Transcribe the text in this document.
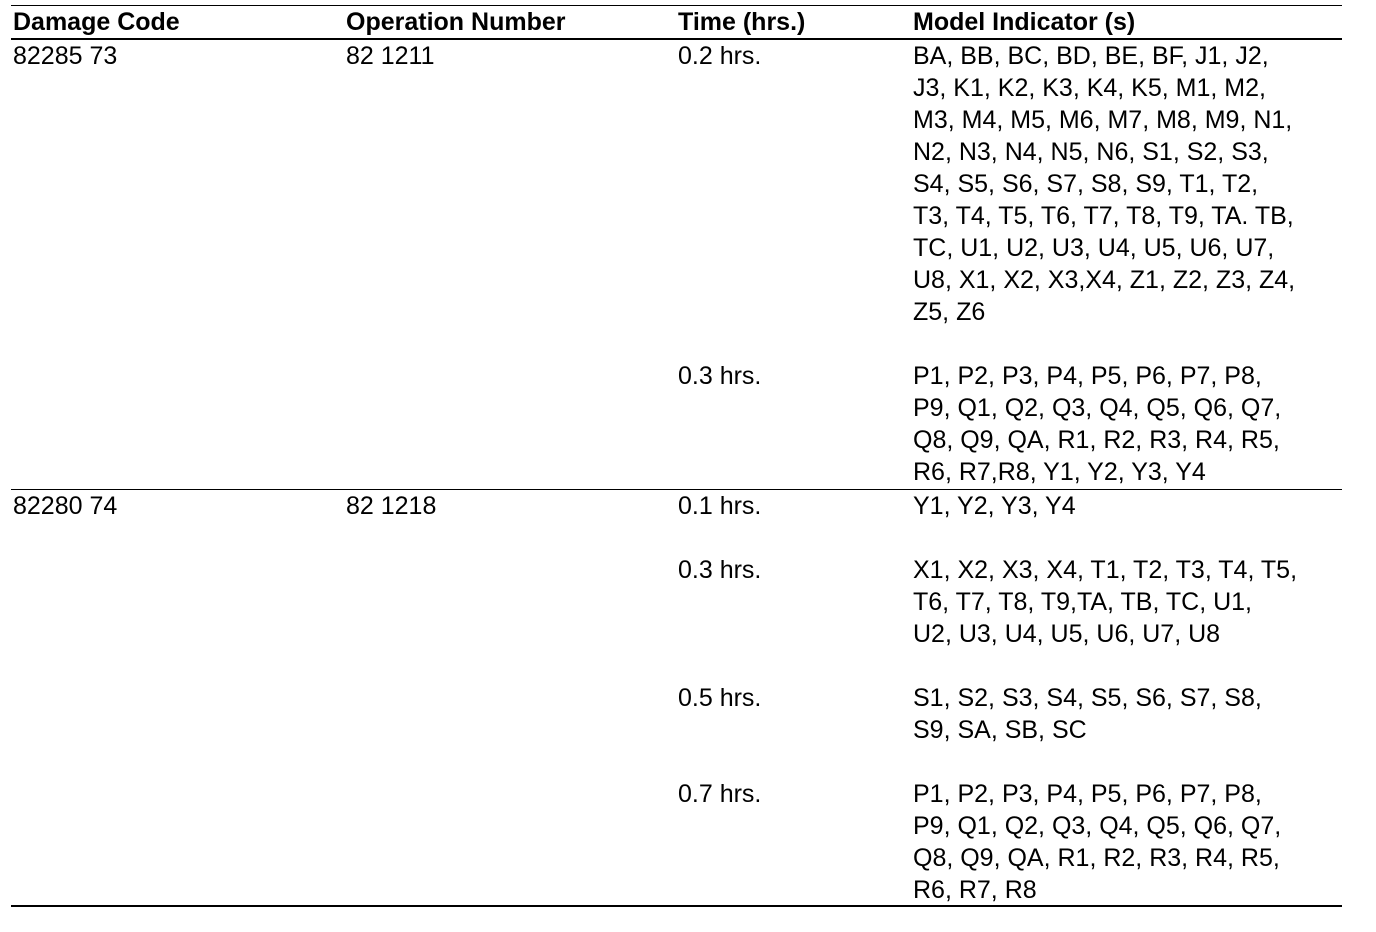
Damage Code	Operation Number	Time (hrs.)	Model Indicator (s)
82285 73	82 1211	0.2 hrs.	BA, BB, BC, BD, BE, BF, J1, J2,
J3, K1, K2, K3, K4, K5, M1, M2,
M3, M4, M5, M6, M7, M8, M9, N1,
N2, N3, N4, N5, N6, S1, S2, S3,
S4, S5, S6, S7, S8, S9, T1, T2,
T3, T4, T5, T6, T7, T8, T9, TA. TB,
TC, U1, U2, U3, U4, U5, U6, U7,
U8, X1, X2, X3,X4, Z1, Z2, Z3, Z4,
Z5, Z6
0.3 hrs.	P1, P2, P3, P4, P5, P6, P7, P8,
P9, Q1, Q2, Q3, Q4, Q5, Q6, Q7,
Q8, Q9, QA, R1, R2, R3, R4, R5,
R6, R7,R8, Y1, Y2, Y3, Y4
82280 74	82 1218	0.1 hrs.	Y1, Y2, Y3, Y4
0.3 hrs.	X1, X2, X3, X4, T1, T2, T3, T4, T5,
T6, T7, T8, T9,TA, TB, TC, U1,
U2, U3, U4, U5, U6, U7, U8
0.5 hrs.	S1, S2, S3, S4, S5, S6, S7, S8,
S9, SA, SB, SC
0.7 hrs.	P1, P2, P3, P4, P5, P6, P7, P8,
P9, Q1, Q2, Q3, Q4, Q5, Q6, Q7,
Q8, Q9, QA, R1, R2, R3, R4, R5,
R6, R7, R8
